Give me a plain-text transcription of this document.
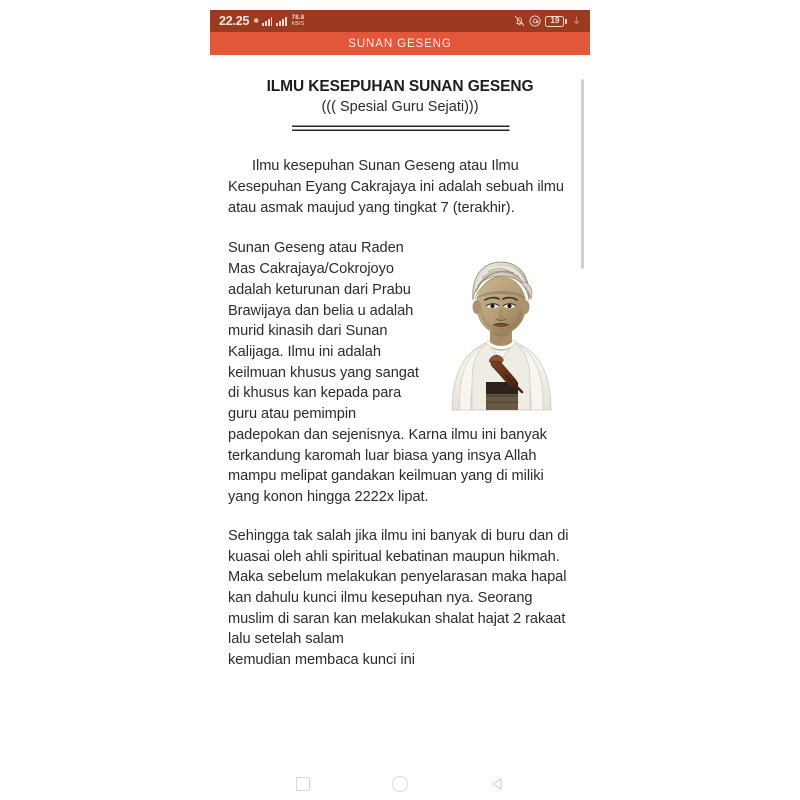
22.25 ✱	78.8
KB/S	19 ⏚
SUNAN GESENG
ILMU KESEPUHAN SUNAN GESENG
((( Spesial Guru Sejati)))
=================================

Ilmu kesepuhan Sunan Geseng atau Ilmu Kesepuhan Eyang Cakrajaya ini adalah sebuah ilmu atau asmak maujud yang tingkat 7 (terakhir).

Sunan Geseng atau Raden Mas Cakrajaya/Cokrojoyo adalah keturunan dari Prabu Brawijaya dan belia u adalah murid kinasih dari Sunan Kalijaga. Ilmu ini adalah keilmuan khusus yang sangat di khusus kan kepada para guru atau pemimpin padepokan dan sejenisnya. Karna ilmu ini banyak terkandung karomah luar biasa yang insya Allah mampu melipat gandakan keilmuan yang di miliki yang konon hingga 2222x lipat.

Sehingga tak salah jika ilmu ini banyak di buru dan di kuasai oleh ahli spiritual kebatinan maupun hikmah. Maka sebelum melakukan penyelarasan maka hapal kan dahulu kunci ilmu kesepuhan nya. Seorang muslim di saran kan melakukan shalat hajat 2 rakaat lalu setelah salam

kemudian membaca kunci ini
